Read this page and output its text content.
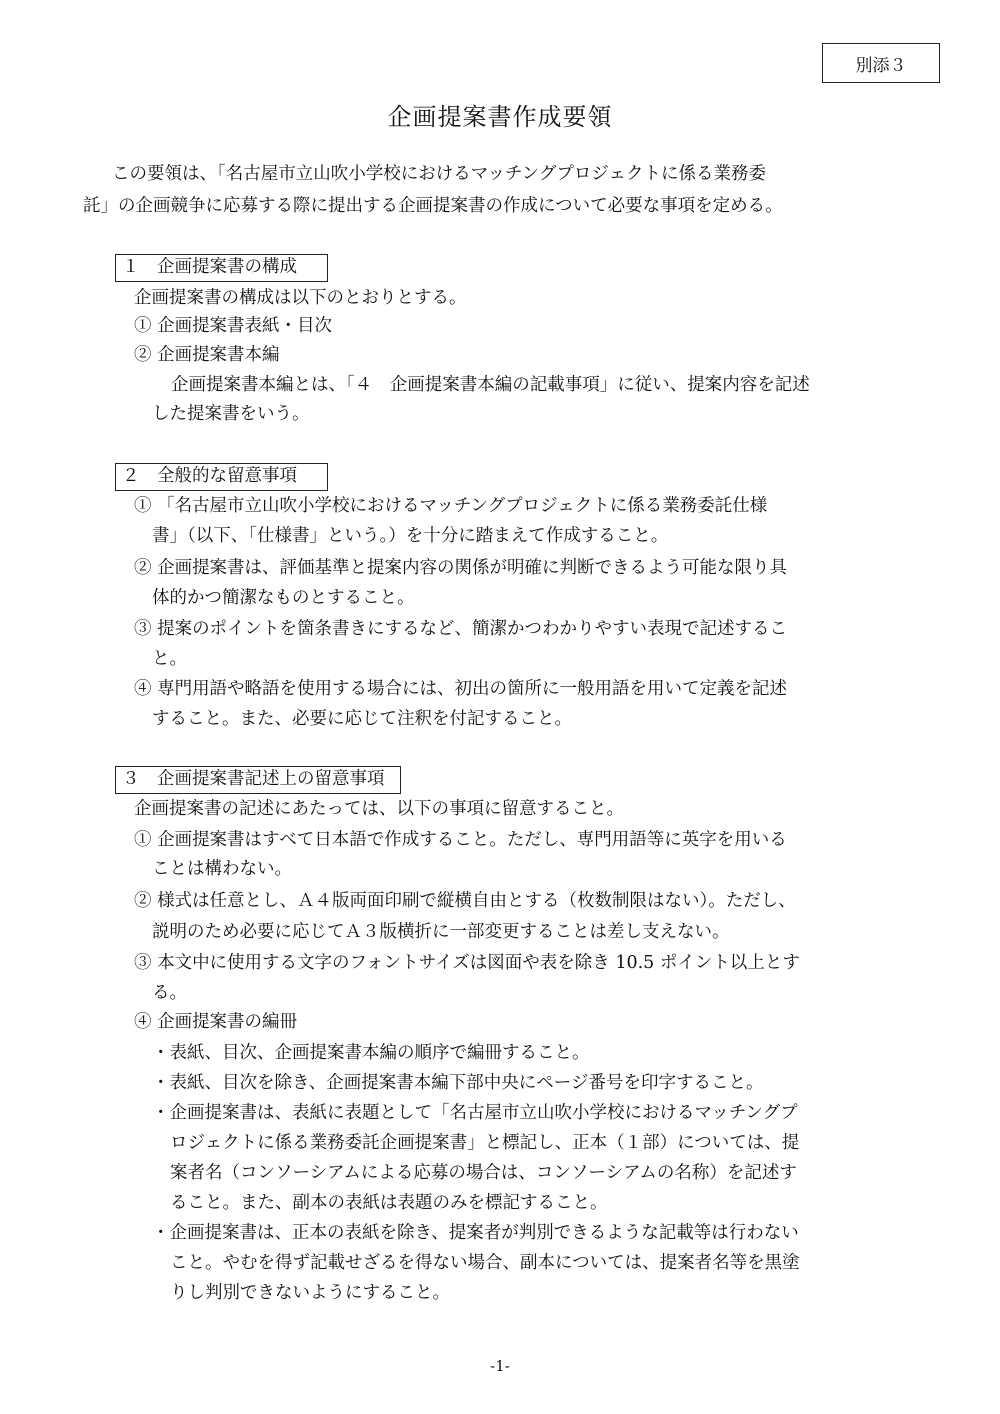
別添３
企画提案書作成要領
この要領は、「名古屋市立山吹小学校におけるマッチングプロジェクトに係る業務委
託」の企画競争に応募する際に提出する企画提案書の作成について必要な事項を定める。
１　企画提案書の構成
企画提案書の構成は以下のとおりとする。
① 企画提案書表紙・目次
② 企画提案書本編
企画提案書本編とは、「４　企画提案書本編の記載事項」に従い、提案内容を記述
した提案書をいう。
２　全般的な留意事項
① 「名古屋市立山吹小学校におけるマッチングプロジェクトに係る業務委託仕様
書」（以下、「仕様書」という。）を十分に踏まえて作成すること。
② 企画提案書は、評価基準と提案内容の関係が明確に判断できるよう可能な限り具
体的かつ簡潔なものとすること。
③ 提案のポイントを箇条書きにするなど、簡潔かつわかりやすい表現で記述するこ
と。
④ 専門用語や略語を使用する場合には、初出の箇所に一般用語を用いて定義を記述
すること。また、必要に応じて注釈を付記すること。
３　企画提案書記述上の留意事項
企画提案書の記述にあたっては、以下の事項に留意すること。
① 企画提案書はすべて日本語で作成すること。ただし、専門用語等に英字を用いる
ことは構わない。
② 様式は任意とし、Ａ４版両面印刷で縦横自由とする（枚数制限はない）。ただし、
説明のため必要に応じてＡ３版横折に一部変更することは差し支えない。
③ 本文中に使用する文字のフォントサイズは図面や表を除き 10.5 ポイント以上とす
る。
④ 企画提案書の編冊
・表紙、目次、企画提案書本編の順序で編冊すること。
・表紙、目次を除き、企画提案書本編下部中央にページ番号を印字すること。
・企画提案書は、表紙に表題として「名古屋市立山吹小学校におけるマッチングプ
ロジェクトに係る業務委託企画提案書」と標記し、正本（１部）については、提
案者名（コンソーシアムによる応募の場合は、コンソーシアムの名称）を記述す
ること。また、副本の表紙は表題のみを標記すること。
・企画提案書は、正本の表紙を除き、提案者が判別できるような記載等は行わない
こと。やむを得ず記載せざるを得ない場合、副本については、提案者名等を黒塗
りし判別できないようにすること。
-1-
